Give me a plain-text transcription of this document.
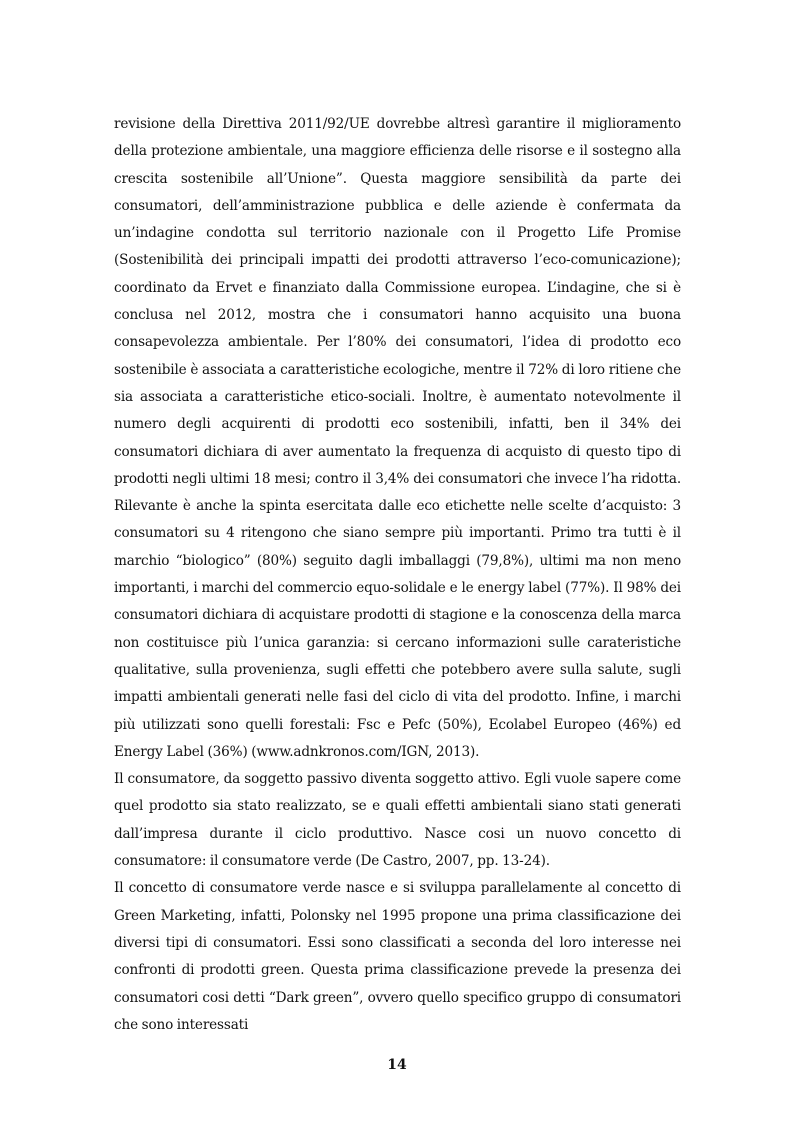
revisione della Direttiva 2011/92/UE dovrebbe altresì garantire il miglioramento della protezione ambientale, una maggiore efficienza delle risorse e il sostegno alla crescita sostenibile all’Unione”. Questa maggiore sensibilità da parte dei consumatori, dell’amministrazione pubblica e delle aziende è confermata da un’indagine condotta sul territorio nazionale con il Progetto Life Promise (Sostenibilità dei principali impatti dei prodotti attraverso l’eco-comunicazione); coordinato da Ervet e finanziato dalla Commissione europea. L’indagine, che si è conclusa nel 2012, mostra che i consumatori hanno acquisito una buona consapevolezza ambientale. Per l’80% dei consumatori, l’idea di prodotto eco sostenibile è associata a caratteristiche ecologiche, mentre il 72% di loro ritiene che sia associata a caratteristiche etico-sociali. Inoltre, è aumentato notevolmente il numero degli acquirenti di prodotti eco sostenibili, infatti, ben il 34% dei consumatori dichiara di aver aumentato la frequenza di acquisto di questo tipo di prodotti negli ultimi 18 mesi; contro il 3,4% dei consumatori che invece l’ha ridotta. Rilevante è anche la spinta esercitata dalle eco etichette nelle scelte d’acquisto: 3 consumatori su 4 ritengono che siano sempre più importanti. Primo tra tutti è il marchio “biologico” (80%) seguito dagli imballaggi (79,8%), ultimi ma non meno importanti, i marchi del commercio equo-solidale e le energy label (77%). Il 98% dei consumatori dichiara di acquistare prodotti di stagione e la conoscenza della marca non costituisce più l’unica garanzia: si cercano informazioni sulle carateristiche qualitative, sulla provenienza, sugli effetti che potebbero avere sulla salute, sugli impatti ambientali generati nelle fasi del ciclo di vita del prodotto. Infine, i marchi più utilizzati sono quelli forestali: Fsc e Pefc (50%), Ecolabel Europeo (46%) ed Energy Label (36%) (www.adnkronos.com/IGN, 2013).

Il consumatore, da soggetto passivo diventa soggetto attivo. Egli vuole sapere come quel prodotto sia stato realizzato, se e quali effetti ambientali siano stati generati dall’impresa durante il ciclo produttivo. Nasce cosi un nuovo concetto di consumatore: il consumatore verde (De Castro, 2007, pp. 13-24).

Il concetto di consumatore verde nasce e si sviluppa parallelamente al concetto di Green Marketing, infatti, Polonsky nel 1995 propone una prima classificazione dei diversi tipi di consumatori. Essi sono classificati a seconda del loro interesse nei confronti di prodotti green. Questa prima classificazione prevede la presenza dei consumatori cosi detti “Dark green”, ovvero quello specifico gruppo di consumatori che sono interessati

14
